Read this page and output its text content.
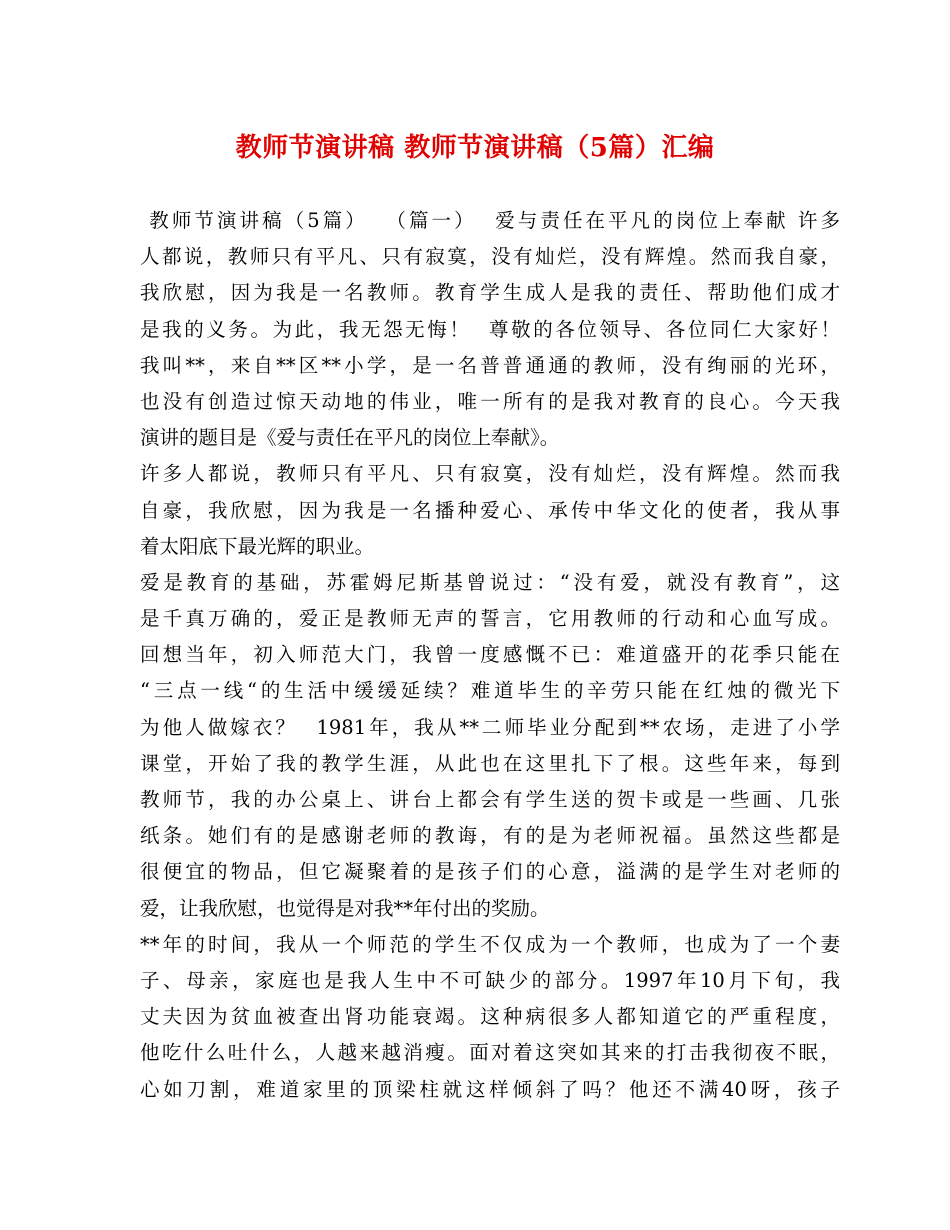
教师节演讲稿 教师节演讲稿（5篇）汇编
教师节演讲稿（5篇）  （篇一）  爱与责任在平凡的岗位上奉献 许多
人都说，教师只有平凡、只有寂寞，没有灿烂，没有辉煌。然而我自豪，
我欣慰，因为我是一名教师。教育学生成人是我的责任、帮助他们成才
是我的义务。为此，我无怨无悔！  尊敬的各位领导、各位同仁大家好！
我叫**，来自**区**小学，是一名普普通通的教师，没有绚丽的光环，
也没有创造过惊天动地的伟业，唯一所有的是我对教育的良心。今天我
演讲的题目是《爱与责任在平凡的岗位上奉献》。
许多人都说，教师只有平凡、只有寂寞，没有灿烂，没有辉煌。然而我
自豪，我欣慰，因为我是一名播种爱心、承传中华文化的使者，我从事
着太阳底下最光辉的职业。
爱是教育的基础，苏霍姆尼斯基曾说过：“没有爱，就没有教育”，这
是千真万确的，爱正是教师无声的誓言，它用教师的行动和心血写成。
回想当年，初入师范大门，我曾一度感慨不已：难道盛开的花季只能在
“三点一线“的生活中缓缓延续？难道毕生的辛劳只能在红烛的微光下
为他人做嫁衣？  1981年，我从**二师毕业分配到**农场，走进了小学
课堂，开始了我的教学生涯，从此也在这里扎下了根。这些年来，每到
教师节，我的办公桌上、讲台上都会有学生送的贺卡或是一些画、几张
纸条。她们有的是感谢老师的教诲，有的是为老师祝福。虽然这些都是
很便宜的物品，但它凝聚着的是孩子们的心意，溢满的是学生对老师的
爱，让我欣慰，也觉得是对我**年付出的奖励。
**年的时间，我从一个师范的学生不仅成为一个教师，也成为了一个妻
子、母亲，家庭也是我人生中不可缺少的部分。1997年10月下旬，我
丈夫因为贫血被查出肾功能衰竭。这种病很多人都知道它的严重程度，
他吃什么吐什么，人越来越消瘦。面对着这突如其来的打击我彻夜不眠，
心如刀割，难道家里的顶梁柱就这样倾斜了吗？他还不满40呀，孩子
